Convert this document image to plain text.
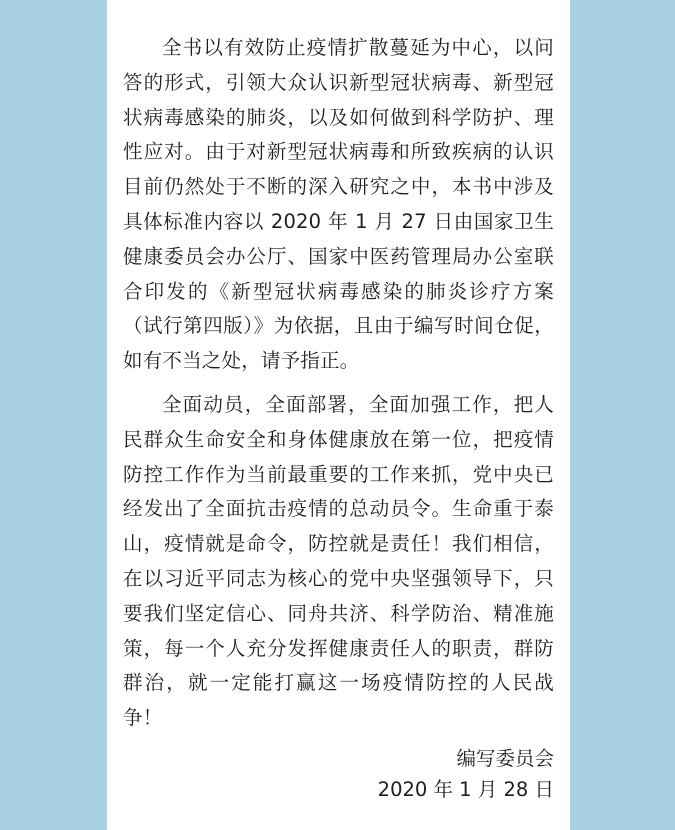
全书以有效防止疫情扩散蔓延为中心，以问答的形式，引领大众认识新型冠状病毒、新型冠状病毒感染的肺炎，以及如何做到科学防护、理性应对。由于对新型冠状病毒和所致疾病的认识目前仍然处于不断的深入研究之中，本书中涉及具体标准内容以 2020 年 1 月 27 日由国家卫生健康委员会办公厅、国家中医药管理局办公室联合印发的《新型冠状病毒感染的肺炎诊疗方案（试行第四版）》为依据，且由于编写时间仓促，如有不当之处，请予指正。

全面动员，全面部署，全面加强工作，把人民群众生命安全和身体健康放在第一位，把疫情防控工作作为当前最重要的工作来抓，党中央已经发出了全面抗击疫情的总动员令。生命重于泰山，疫情就是命令，防控就是责任！我们相信，在以习近平同志为核心的党中央坚强领导下，只要我们坚定信心、同舟共济、科学防治、精准施策，每一个人充分发挥健康责任人的职责，群防群治，就一定能打赢这一场疫情防控的人民战争！

编写委员会

2020 年 1 月 28 日
